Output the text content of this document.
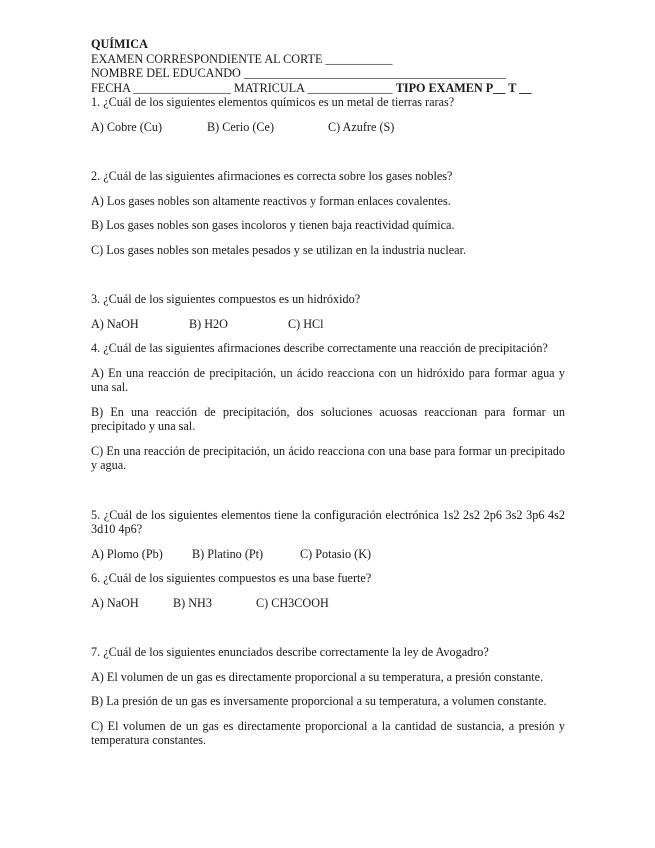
QUÍMICA
EXAMEN CORRESPONDIENTE AL CORTE ___________
NOMBRE DEL EDUCANDO ___________________________________________
FECHA ________________ MATRICULA ______________ TIPO EXAMEN P__ T __

1. ¿Cuál de los siguientes elementos químicos es un metal de tierras raras?

A) Cobre (Cu)	B) Cerio (Ce)	C) Azufre (S)

2. ¿Cuál de las siguientes afirmaciones es correcta sobre los gases nobles?

A) Los gases nobles son altamente reactivos y forman enlaces covalentes.
B) Los gases nobles son gases incoloros y tienen baja reactividad química.
C) Los gases nobles son metales pesados y se utilizan en la industria nuclear.

3. ¿Cuál de los siguientes compuestos es un hidróxido?

A) NaOH	B) H2O	C) HCl

4. ¿Cuál de las siguientes afirmaciones describe correctamente una reacción de precipitación?

A) En una reacción de precipitación, un ácido reacciona con un hidróxido para formar agua y una sal.
B) En una reacción de precipitación, dos soluciones acuosas reaccionan para formar un precipitado y una sal.
C) En una reacción de precipitación, un ácido reacciona con una base para formar un precipitado y agua.

5. ¿Cuál de los siguientes elementos tiene la configuración electrónica 1s2 2s2 2p6 3s2 3p6 4s2 3d10 4p6?

A) Plomo (Pb) B) Platino (Pt)	C) Potasio (K)

6. ¿Cuál de los siguientes compuestos es una base fuerte?

A) NaOH	B) NH3	C) CH3COOH

7. ¿Cuál de los siguientes enunciados describe correctamente la ley de Avogadro?

A) El volumen de un gas es directamente proporcional a su temperatura, a presión constante.
B) La presión de un gas es inversamente proporcional a su temperatura, a volumen constante.
C) El volumen de un gas es directamente proporcional a la cantidad de sustancia, a presión y temperatura constantes.
